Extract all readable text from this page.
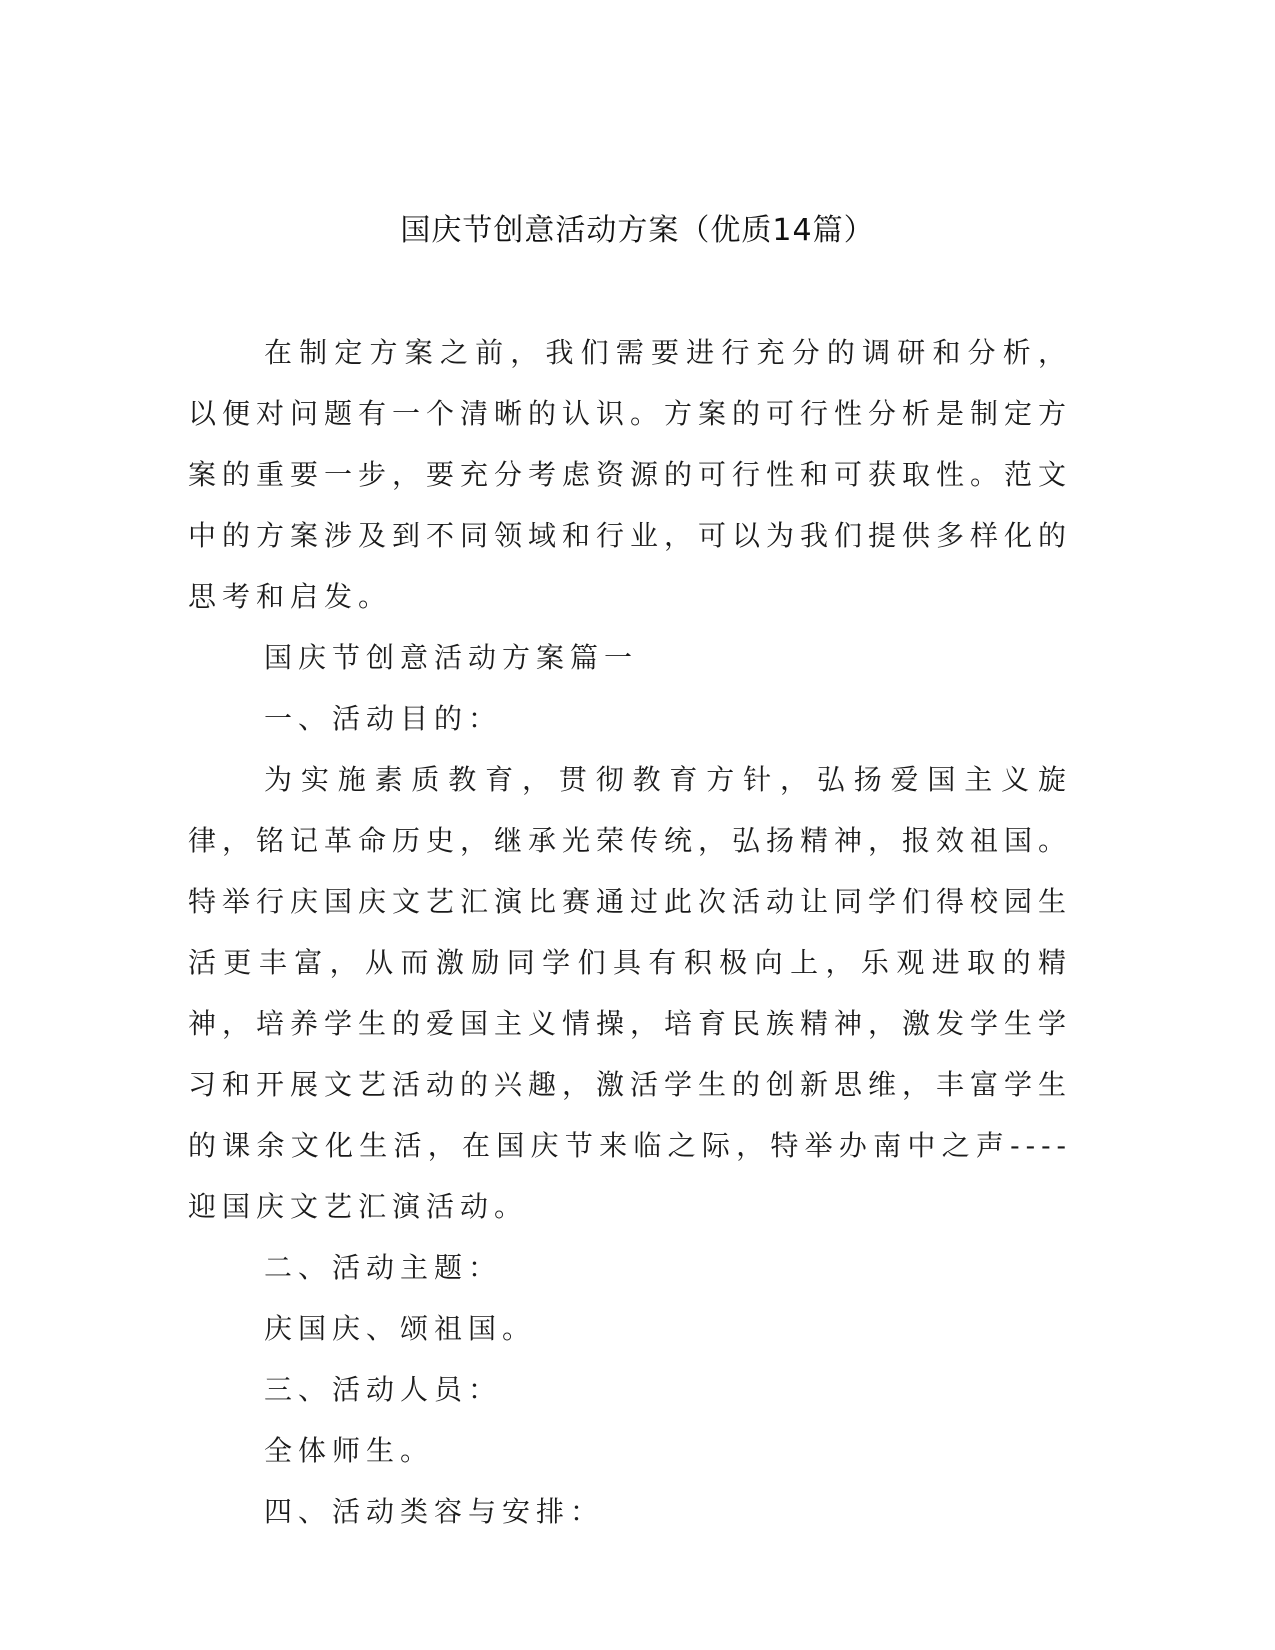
国庆节创意活动方案（优质14篇）

在制定方案之前，我们需要进行充分的调研和分析，以便对问题有一个清晰的认识。方案的可行性分析是制定方案的重要一步，要充分考虑资源的可行性和可获取性。范文中的方案涉及到不同领域和行业，可以为我们提供多样化的思考和启发。

国庆节创意活动方案篇一

一、活动目的：

为实施素质教育，贯彻教育方针，弘扬爱国主义旋律，铭记革命历史，继承光荣传统，弘扬精神，报效祖国。特举行庆国庆文艺汇演比赛通过此次活动让同学们得校园生活更丰富，从而激励同学们具有积极向上，乐观进取的精神，培养学生的爱国主义情操，培育民族精神，激发学生学习和开展文艺活动的兴趣，激活学生的创新思维，丰富学生的课余文化生活，在国庆节来临之际，特举办南中之声----迎国庆文艺汇演活动。

二、活动主题：

庆国庆、颂祖国。

三、活动人员：

全体师生。

四、活动类容与安排：
